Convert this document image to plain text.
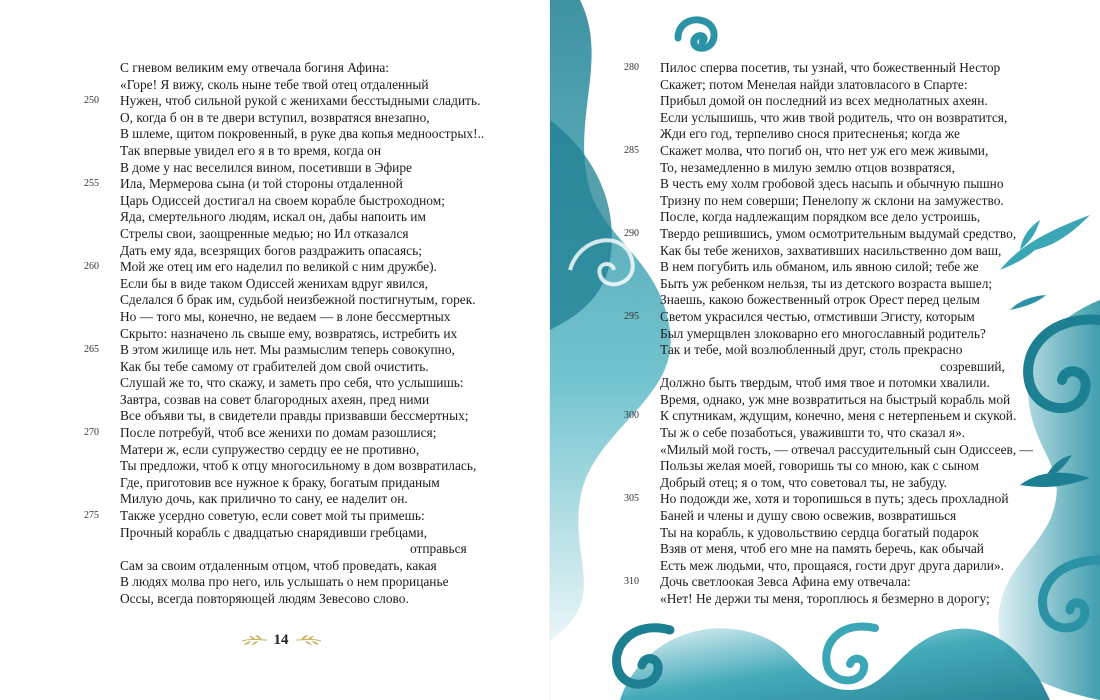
С гневом великим ему отвечала богиня Афина:
«Горе! Я вижу, сколь ныне тебе твой отец отдаленный
250	Нужен, чтоб сильной рукой с женихами бесстыдными сладить.
О, когда б он в те двери вступил, возвратяся внезапно,
В шлеме, щитом покровенный, в руке два копья медноострых!..
Так впервые увидел его я в то время, когда он
В доме у нас веселился вином, посетивши в Эфире
255	Ила, Мермерова сына (и той стороны отдаленной
Царь Одиссей достигал на своем корабле быстроходном;
Яда, смертельного людям, искал он, дабы напоить им
Стрелы свои, заощренные медью; но Ил отказался
Дать ему яда, всезрящих богов раздражить опасаясь;
260	Мой же отец им его наделил по великой с ним дружбе).
Если бы в виде таком Одиссей женихам вдруг явился,
Сделался б брак им, судьбой неизбежной постигнутым, горек.
Но — того мы, конечно, не ведаем — в лоне бессмертных
Скрыто: назначено ль свыше ему, возвратясь, истребить их
265	В этом жилище иль нет. Мы размыслим теперь совокупно,
Как бы тебе самому от грабителей дом свой очистить.
Слушай же то, что скажу, и заметь про себя, что услышишь:
Завтра, созвав на совет благородных ахеян, пред ними
Все объяви ты, в свидетели правды призвавши бессмертных;
270	После потребуй, чтоб все женихи по домам разошлися;
Матери ж, если супружество сердцу ее не противно,
Ты предложи, чтоб к отцу многосильному в дом возвратилась,
Где, приготовив все нужное к браку, богатым приданым
Милую дочь, как прилично то сану, ее наделит он.
275	Также усердно советую, если совет мой ты примешь:
Прочный корабль с двадцатью снарядивши гребцами,
отправься
Сам за своим отдаленным отцом, чтоб проведать, какая
В людях молва про него, иль услышать о нем прорицанье
Оссы, всегда повторяющей людям Зевесово слово.
14
280	Пилос сперва посетив, ты узнай, что божественный Нестор
Скажет; потом Менелая найди златовласого в Спарте:
Прибыл домой он последний из всех меднолатных ахеян.
Если услышишь, что жив твой родитель, что он возвратится,
Жди его год, терпеливо снося притесненья; когда же
285	Скажет молва, что погиб он, что нет уж его меж живыми,
То, незамедленно в милую землю отцов возвратяся,
В честь ему холм гробовой здесь насыпь и обычную пышно
Тризну по нем соверши; Пенелопу ж склони на замужество.
После, когда надлежащим порядком все дело устроишь,
290	Твердо решившись, умом осмотрительным выдумай средство,
Как бы тебе женихов, захвативших насильственно дом ваш,
В нем погубить иль обманом, иль явною силой; тебе же
Быть уж ребенком нельзя, ты из детского возраста вышел;
Знаешь, какою божественный отрок Орест перед целым
295	Светом украсился честью, отмстивши Эгисту, которым
Был умерщвлен злоковарно его многославный родитель?
Так и тебе, мой возлюбленный друг, столь прекрасно
созревший,
Должно быть твердым, чтоб имя твое и потомки хвалили.
Время, однако, уж мне возвратиться на быстрый корабль мой
300	К спутникам, ждущим, конечно, меня с нетерпеньем и скукой.
Ты ж о себе позаботься, уважившти то, что сказал я».
«Милый мой гость, — отвечал рассудительный сын Одиссеев, —
Пользы желая моей, говоришь ты со мною, как с сыном
Добрый отец; я о том, что советовал ты, не забуду.
305	Но подожди же, хотя и торопишься в путь; здесь прохладной
Баней и члены и душу свою освежив, возвратишься
Ты на корабль, к удовольствию сердца богатый подарок
Взяв от меня, чтоб его мне на память беречь, как обычай
Есть меж людьми, что, прощаяся, гости друг друга дарили».
310	Дочь светлоокая Зевса Афина ему отвечала:
«Нет! Не держи ты меня, тороплюсь я безмерно в дорогу;
